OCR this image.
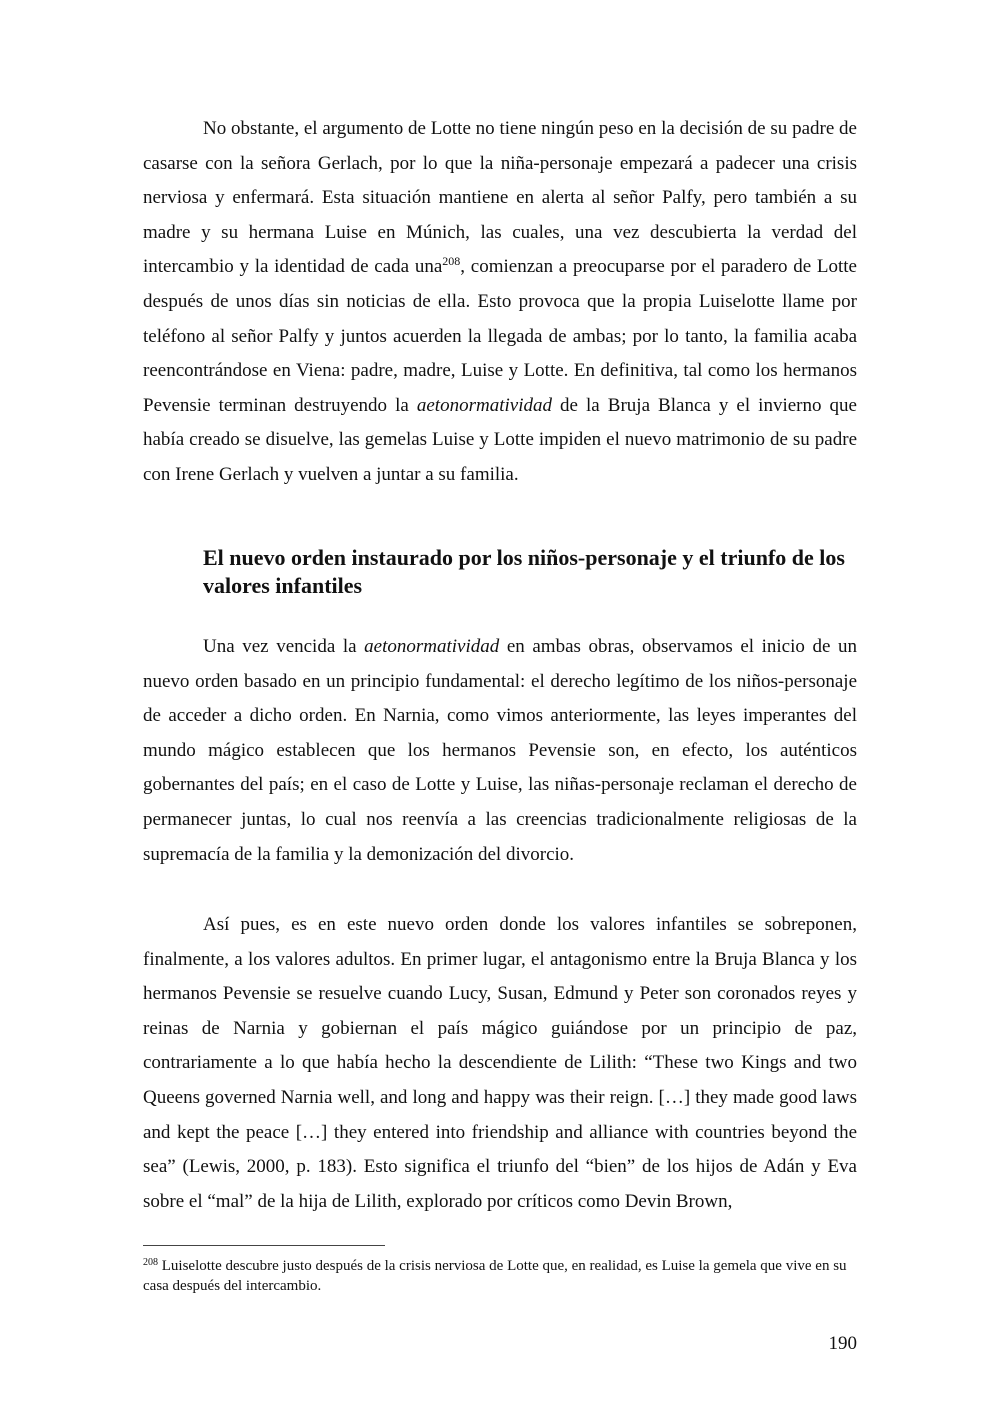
No obstante, el argumento de Lotte no tiene ningún peso en la decisión de su padre de casarse con la señora Gerlach, por lo que la niña-personaje empezará a padecer una crisis nerviosa y enfermará. Esta situación mantiene en alerta al señor Palfy, pero también a su madre y su hermana Luise en Múnich, las cuales, una vez descubierta la verdad del intercambio y la identidad de cada una$^{208}$, comienzan a preocuparse por el paradero de Lotte después de unos días sin noticias de ella. Esto provoca que la propia Luiselotte llame por teléfono al señor Palfy y juntos acuerden la llegada de ambas; por lo tanto, la familia acaba reencontrándose en Viena: padre, madre, Luise y Lotte. En definitiva, tal como los hermanos Pevensie terminan destruyendo la aetonormatividad de la Bruja Blanca y el invierno que había creado se disuelve, las gemelas Luise y Lotte impiden el nuevo matrimonio de su padre con Irene Gerlach y vuelven a juntar a su familia.

El nuevo orden instaurado por los niños-personaje y el triunfo de los valores infantiles

Una vez vencida la aetonormatividad en ambas obras, observamos el inicio de un nuevo orden basado en un principio fundamental: el derecho legítimo de los niños-personaje de acceder a dicho orden. En Narnia, como vimos anteriormente, las leyes imperantes del mundo mágico establecen que los hermanos Pevensie son, en efecto, los auténticos gobernantes del país; en el caso de Lotte y Luise, las niñas-personaje reclaman el derecho de permanecer juntas, lo cual nos reenvía a las creencias tradicionalmente religiosas de la supremacía de la familia y la demonización del divorcio.

Así pues, es en este nuevo orden donde los valores infantiles se sobreponen, finalmente, a los valores adultos. En primer lugar, el antagonismo entre la Bruja Blanca y los hermanos Pevensie se resuelve cuando Lucy, Susan, Edmund y Peter son coronados reyes y reinas de Narnia y gobiernan el país mágico guiándose por un principio de paz, contrariamente a lo que había hecho la descendiente de Lilith: “These two Kings and two Queens governed Narnia well, and long and happy was their reign. […] they made good laws and kept the peace […] they entered into friendship and alliance with countries beyond the sea” (Lewis, 2000, p. 183). Esto significa el triunfo del “bien” de los hijos de Adán y Eva sobre el “mal” de la hija de Lilith, explorado por críticos como Devin Brown,

$^{208}$ Luiselotte descubre justo después de la crisis nerviosa de Lotte que, en realidad, es Luise la gemela que vive en su casa después del intercambio.

190
